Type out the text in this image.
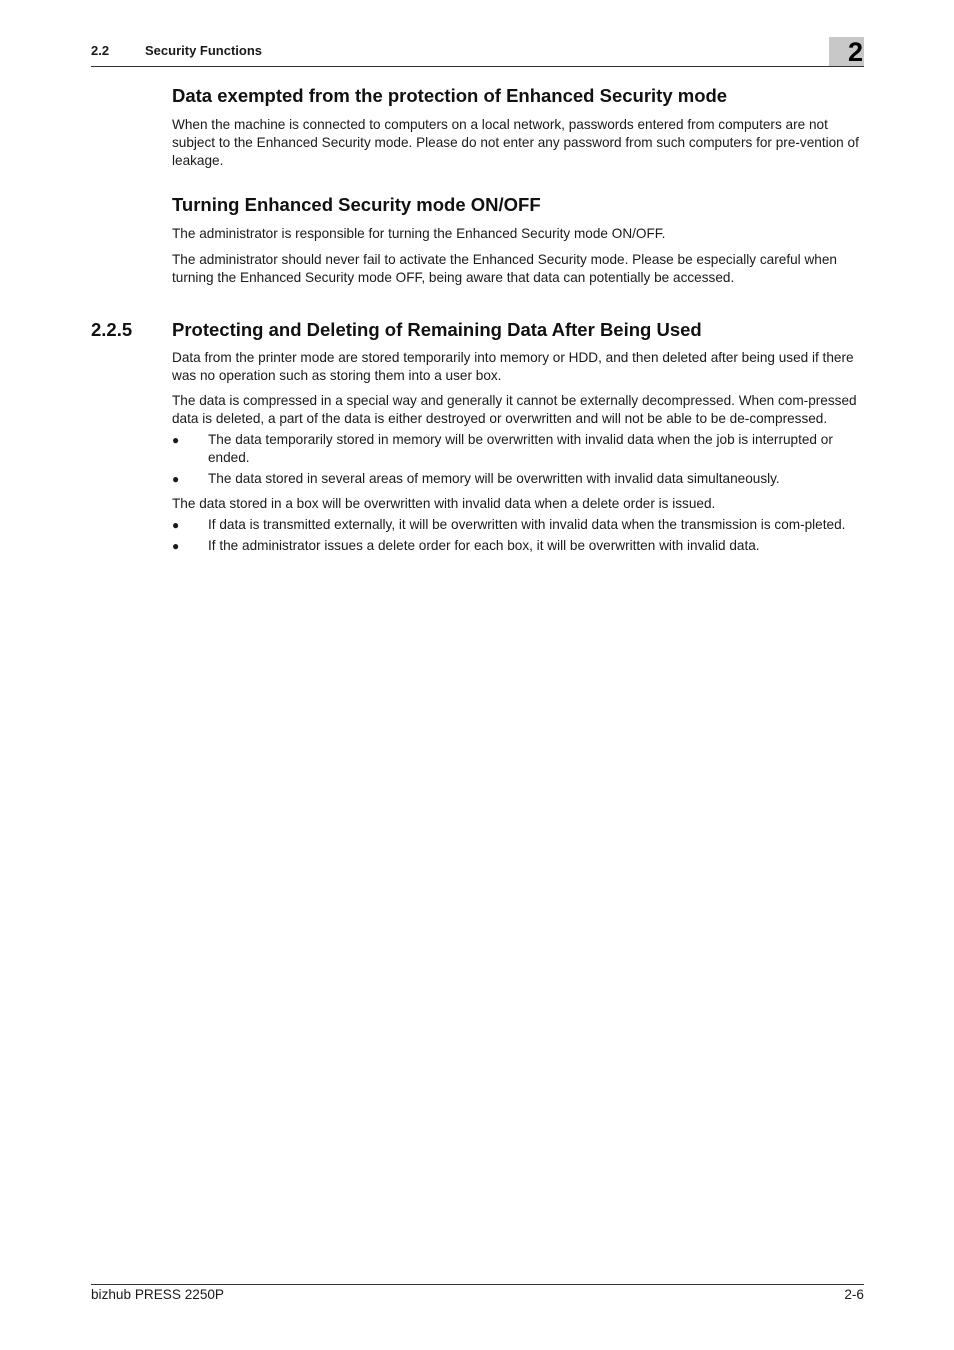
2.2	Security Functions	2
Data exempted from the protection of Enhanced Security mode

When the machine is connected to computers on a local network, passwords entered from computers are not subject to the Enhanced Security mode. Please do not enter any password from such computers for pre-vention of leakage.

Turning Enhanced Security mode ON/OFF

The administrator is responsible for turning the Enhanced Security mode ON/OFF.

The administrator should never fail to activate the Enhanced Security mode. Please be especially careful when turning the Enhanced Security mode OFF, being aware that data can potentially be accessed.

2.2.5 Protecting and Deleting of Remaining Data After Being Used

Data from the printer mode are stored temporarily into memory or HDD, and then deleted after being used if there was no operation such as storing them into a user box.

The data is compressed in a special way and generally it cannot be externally decompressed. When com-pressed data is deleted, a part of the data is either destroyed or overwritten and will not be able to be de-compressed.

● The data temporarily stored in memory will be overwritten with invalid data when the job is interrupted or ended.
● The data stored in several areas of memory will be overwritten with invalid data simultaneously.

The data stored in a box will be overwritten with invalid data when a delete order is issued.

● If data is transmitted externally, it will be overwritten with invalid data when the transmission is com-pleted.
● If the administrator issues a delete order for each box, it will be overwritten with invalid data.
bizhub PRESS 2250P	2-6
